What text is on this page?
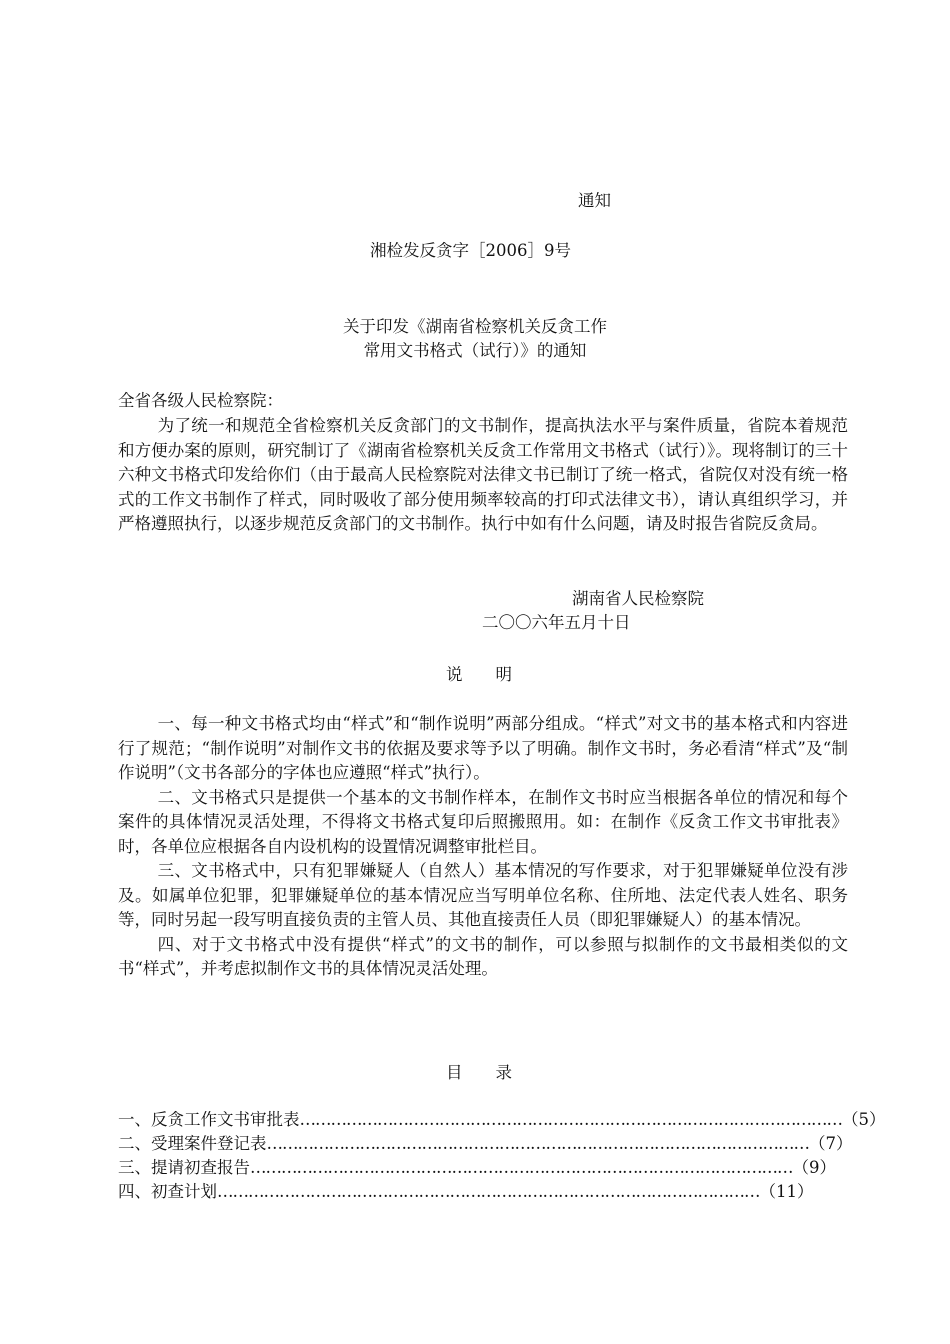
通知
湘检发反贪字［2006］9号
关于印发《湖南省检察机关反贪工作
常用文书格式（试行）》的通知
全省各级人民检察院：

为了统一和规范全省检察机关反贪部门的文书制作，提高执法水平与案件质量，省院本着规范和方便办案的原则，研究制订了《湖南省检察机关反贪工作常用文书格式（试行）》。现将制订的三十六种文书格式印发给你们（由于最高人民检察院对法律文书已制订了统一格式，省院仅对没有统一格式的工作文书制作了样式，同时吸收了部分使用频率较高的打印式法律文书），请认真组织学习，并严格遵照执行，以逐步规范反贪部门的文书制作。执行中如有什么问题，请及时报告省院反贪局。

湖南省人民检察院
二〇〇六年五月十日
说　　明

一、每一种文书格式均由“样式”和“制作说明”两部分组成。“样式”对文书的基本格式和内容进行了规范；“制作说明”对制作文书的依据及要求等予以了明确。制作文书时，务必看清“样式”及“制作说明”（文书各部分的字体也应遵照“样式”执行）。

二、文书格式只是提供一个基本的文书制作样本，在制作文书时应当根据各单位的情况和每个案件的具体情况灵活处理，不得将文书格式复印后照搬照用。如：在制作《反贪工作文书审批表》时，各单位应根据各自内设机构的设置情况调整审批栏目。

三、文书格式中，只有犯罪嫌疑人（自然人）基本情况的写作要求，对于犯罪嫌疑单位没有涉及。如属单位犯罪，犯罪嫌疑单位的基本情况应当写明单位名称、住所地、法定代表人姓名、职务等，同时另起一段写明直接负责的主管人员、其他直接责任人员（即犯罪嫌疑人）的基本情况。

四、对于文书格式中没有提供“样式”的文书的制作，可以参照与拟制作的文书最相类似的文书“样式”，并考虑拟制作文书的具体情况灵活处理。

目　　录
一、反贪工作文书审批表 …………………………………………………………………………………………… （5）
二、受理案件登记表 …………………………………………………………………………………………… （7）
三、提请初查报告 …………………………………………………………………………………………… （9）
四、初查计划 …………………………………………………………………………………………… （11）
